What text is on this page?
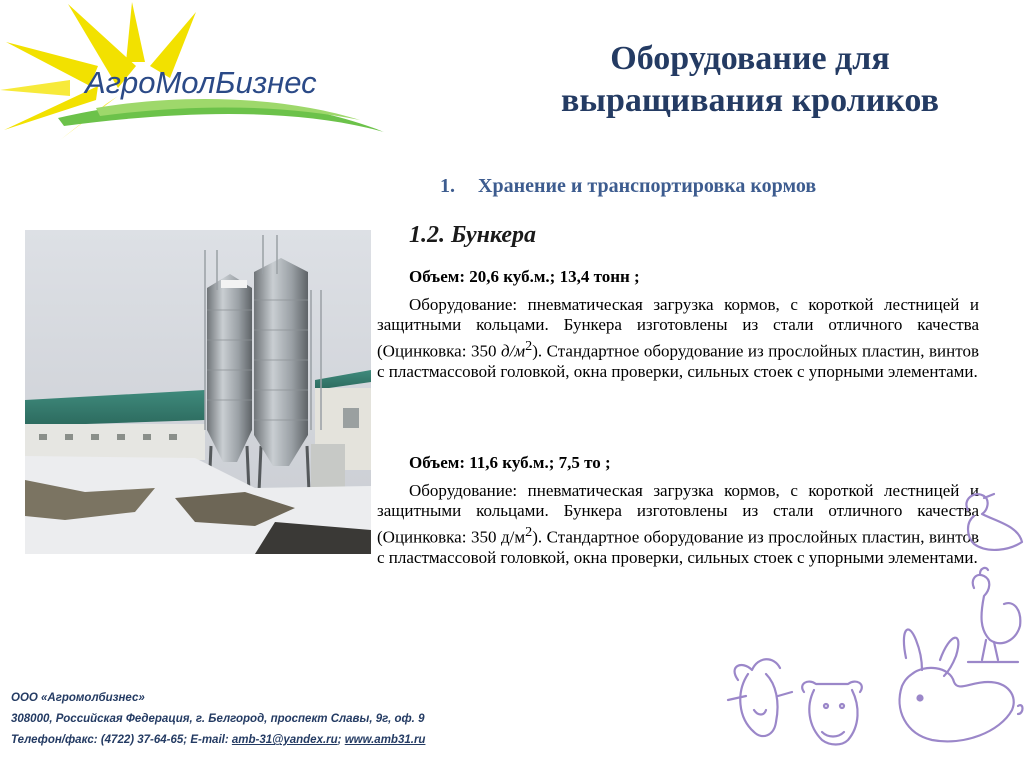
АгроМолБизнес
Оборудование для
выращивания кроликов
1. Хранение и транспортировка кормов
1.2. Бункера
Объем: 20,6 куб.м.; 13,4 тонн ;
Оборудование: пневматическая загрузка кормов, с короткой лестницей и защитными кольцами. Бункера изготовлены из стали отличного качества (Оцинковка: 350 $д/м^2$). Стандартное оборудование из прослойных пластин, винтов с пластмассовой головкой, окна проверки, сильных стоек с упорными элементами.
Объем: 11,6 куб.м.; 7,5 то ;
Оборудование: пневматическая загрузка кормов, с короткой лестницей и защитными кольцами. Бункера изготовлены из стали отличного качества (Оцинковка: 350 $д/м^2$). Стандартное оборудование из прослойных пластин, винтов с пластмассовой головкой, окна проверки, сильных стоек с упорными элементами.
ООО «Агромолбизнес»
308000, Российская Федерация, г. Белгород, проспект Славы, 9г, оф. 9
Телефон/факс: (4722) 37-64-65; E-mail: amb-31@yandex.ru; www.amb31.ru
